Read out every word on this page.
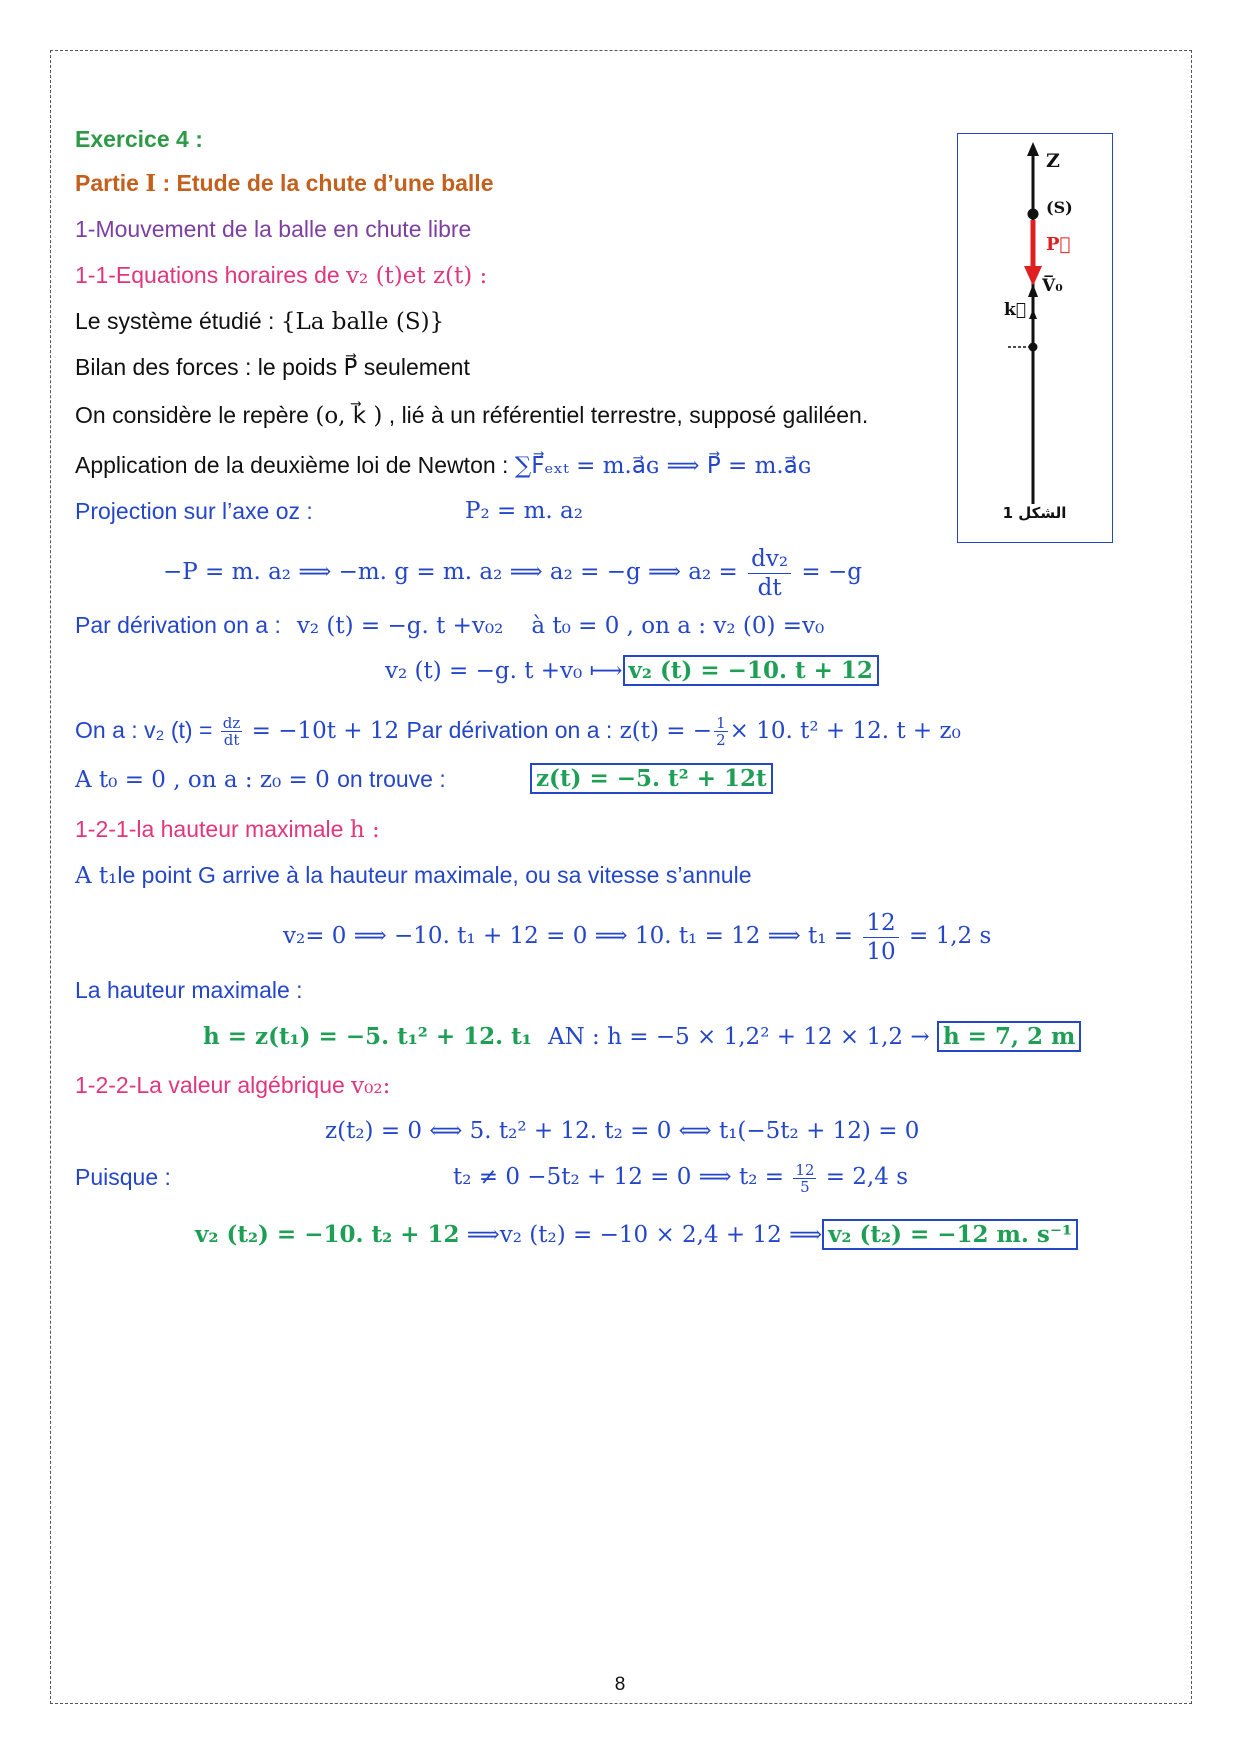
Exercice 4 :
Partie I : Etude de la chute d’une balle
1-Mouvement de la balle en chute libre
1-1-Equations horaires de v₂ (t)et z(t) :
Le système étudié : {La balle (S)}
Bilan des forces : le poids P⃗ seulement
On considère le repère (o, k⃗ ) , lié à un référentiel terrestre, supposé galiléen.
Application de la deuxième loi de Newton : ∑F⃗ₑₓₜ = m.a⃗ɢ ⟹ P⃗ = m.a⃗ɢ
Projection sur l’axe oz :	P₂ = m. a₂
−P = m. a₂ ⟹ −m. g = m. a₂ ⟹ a₂ = −g ⟹ $a_2 = \frac{\text{dv₂}}{dt} = -g$
Par dérivation on a : v₂ (t) = −g. t +v₀₂ à t₀ = 0 , on a : v₂ (0) =v₀
v₂ (t) = −g. t +v₀ ⟼ v₂ (t) = −10. t + 12
On a : v₂ $(t) = \frac{dz}{dt} = -10t + 12$ Par dérivation on a : z(t) = − $\frac{1}{2} \times 10$. t² + 12. t + z₀
A t₀ = 0 , on a : z₀ = 0 on trouve :	z(t) = −5. t² + 12t
1-2-1-la hauteur maximale h :
A t₁le point G arrive à la hauteur maximale, ou sa vitesse s’annule
v₂= 0 ⟹ −10. t₁ + 12 = 0 ⟹ 10. t₁ = 12 ⟹ $t_1 = \frac{12}{10} = 1,2$ s
La hauteur maximale :
h = z(t₁) = −5. t₁² + 12. t₁ AN : h = −5 × 1,2² + 12 × 1,2 → h = 7, 2 m
1-2-2-La valeur algébrique v₀₂:
z(t₂) = 0 ⟺ 5. t₂² + 12. t₂ = 0 ⟺ t₁(−5t₂ + 12) = 0
Puisque :	t₂ ≠ 0 −5t₂ + 12 = 0 ⟹ $t_2 = \frac{12}{5} = 2,4$ s
v₂ (t₂) = −10. t₂ + 12 ⟹v₂ (t₂) = −10 × 2,4 + 12 ⟹ v₂ (t₂) = −12 m. s⁻¹
Z
(S)
P⃗
V̅₀
k⃗
الشكل 1
8
